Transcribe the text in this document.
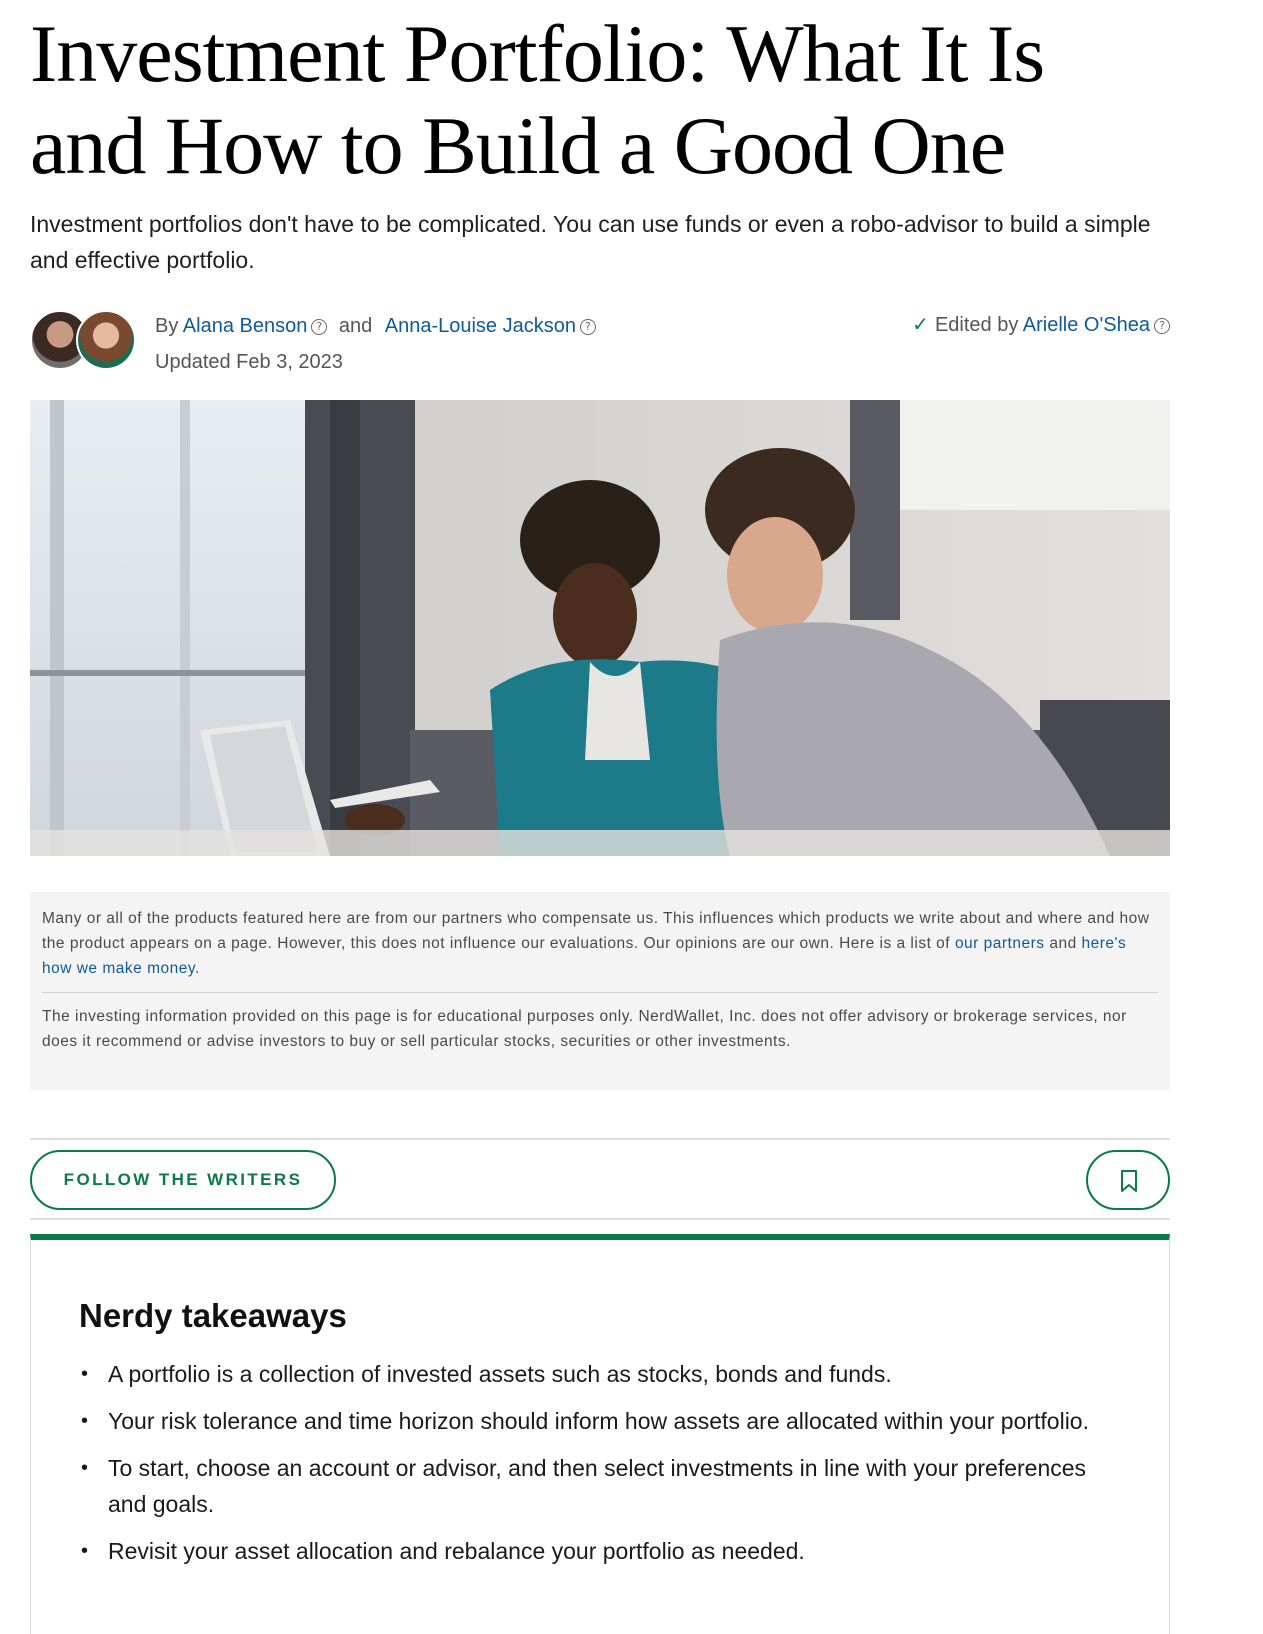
Investment Portfolio: What It Is and How to Build a Good One
Investment portfolios don't have to be complicated. You can use funds or even a robo-advisor to build a simple and effective portfolio.
By Alana Benson ? and Anna-Louise Jackson ?
Updated Feb 3, 2023
✓ Edited by Arielle O'Shea ?

Many or all of the products featured here are from our partners who compensate us. This influences which products we write about and where and how the product appears on a page. However, this does not influence our evaluations. Our opinions are our own. Here is a list of our partners and here's how we make money.

The investing information provided on this page is for educational purposes only. NerdWallet, Inc. does not offer advisory or brokerage services, nor does it recommend or advise investors to buy or sell particular stocks, securities or other investments.

FOLLOW THE WRITERS
Nerdy takeaways
• A portfolio is a collection of invested assets such as stocks, bonds and funds.
• Your risk tolerance and time horizon should inform how assets are allocated within your portfolio.
• To start, choose an account or advisor, and then select investments in line with your preferences and goals.
• Revisit your asset allocation and rebalance your portfolio as needed.
